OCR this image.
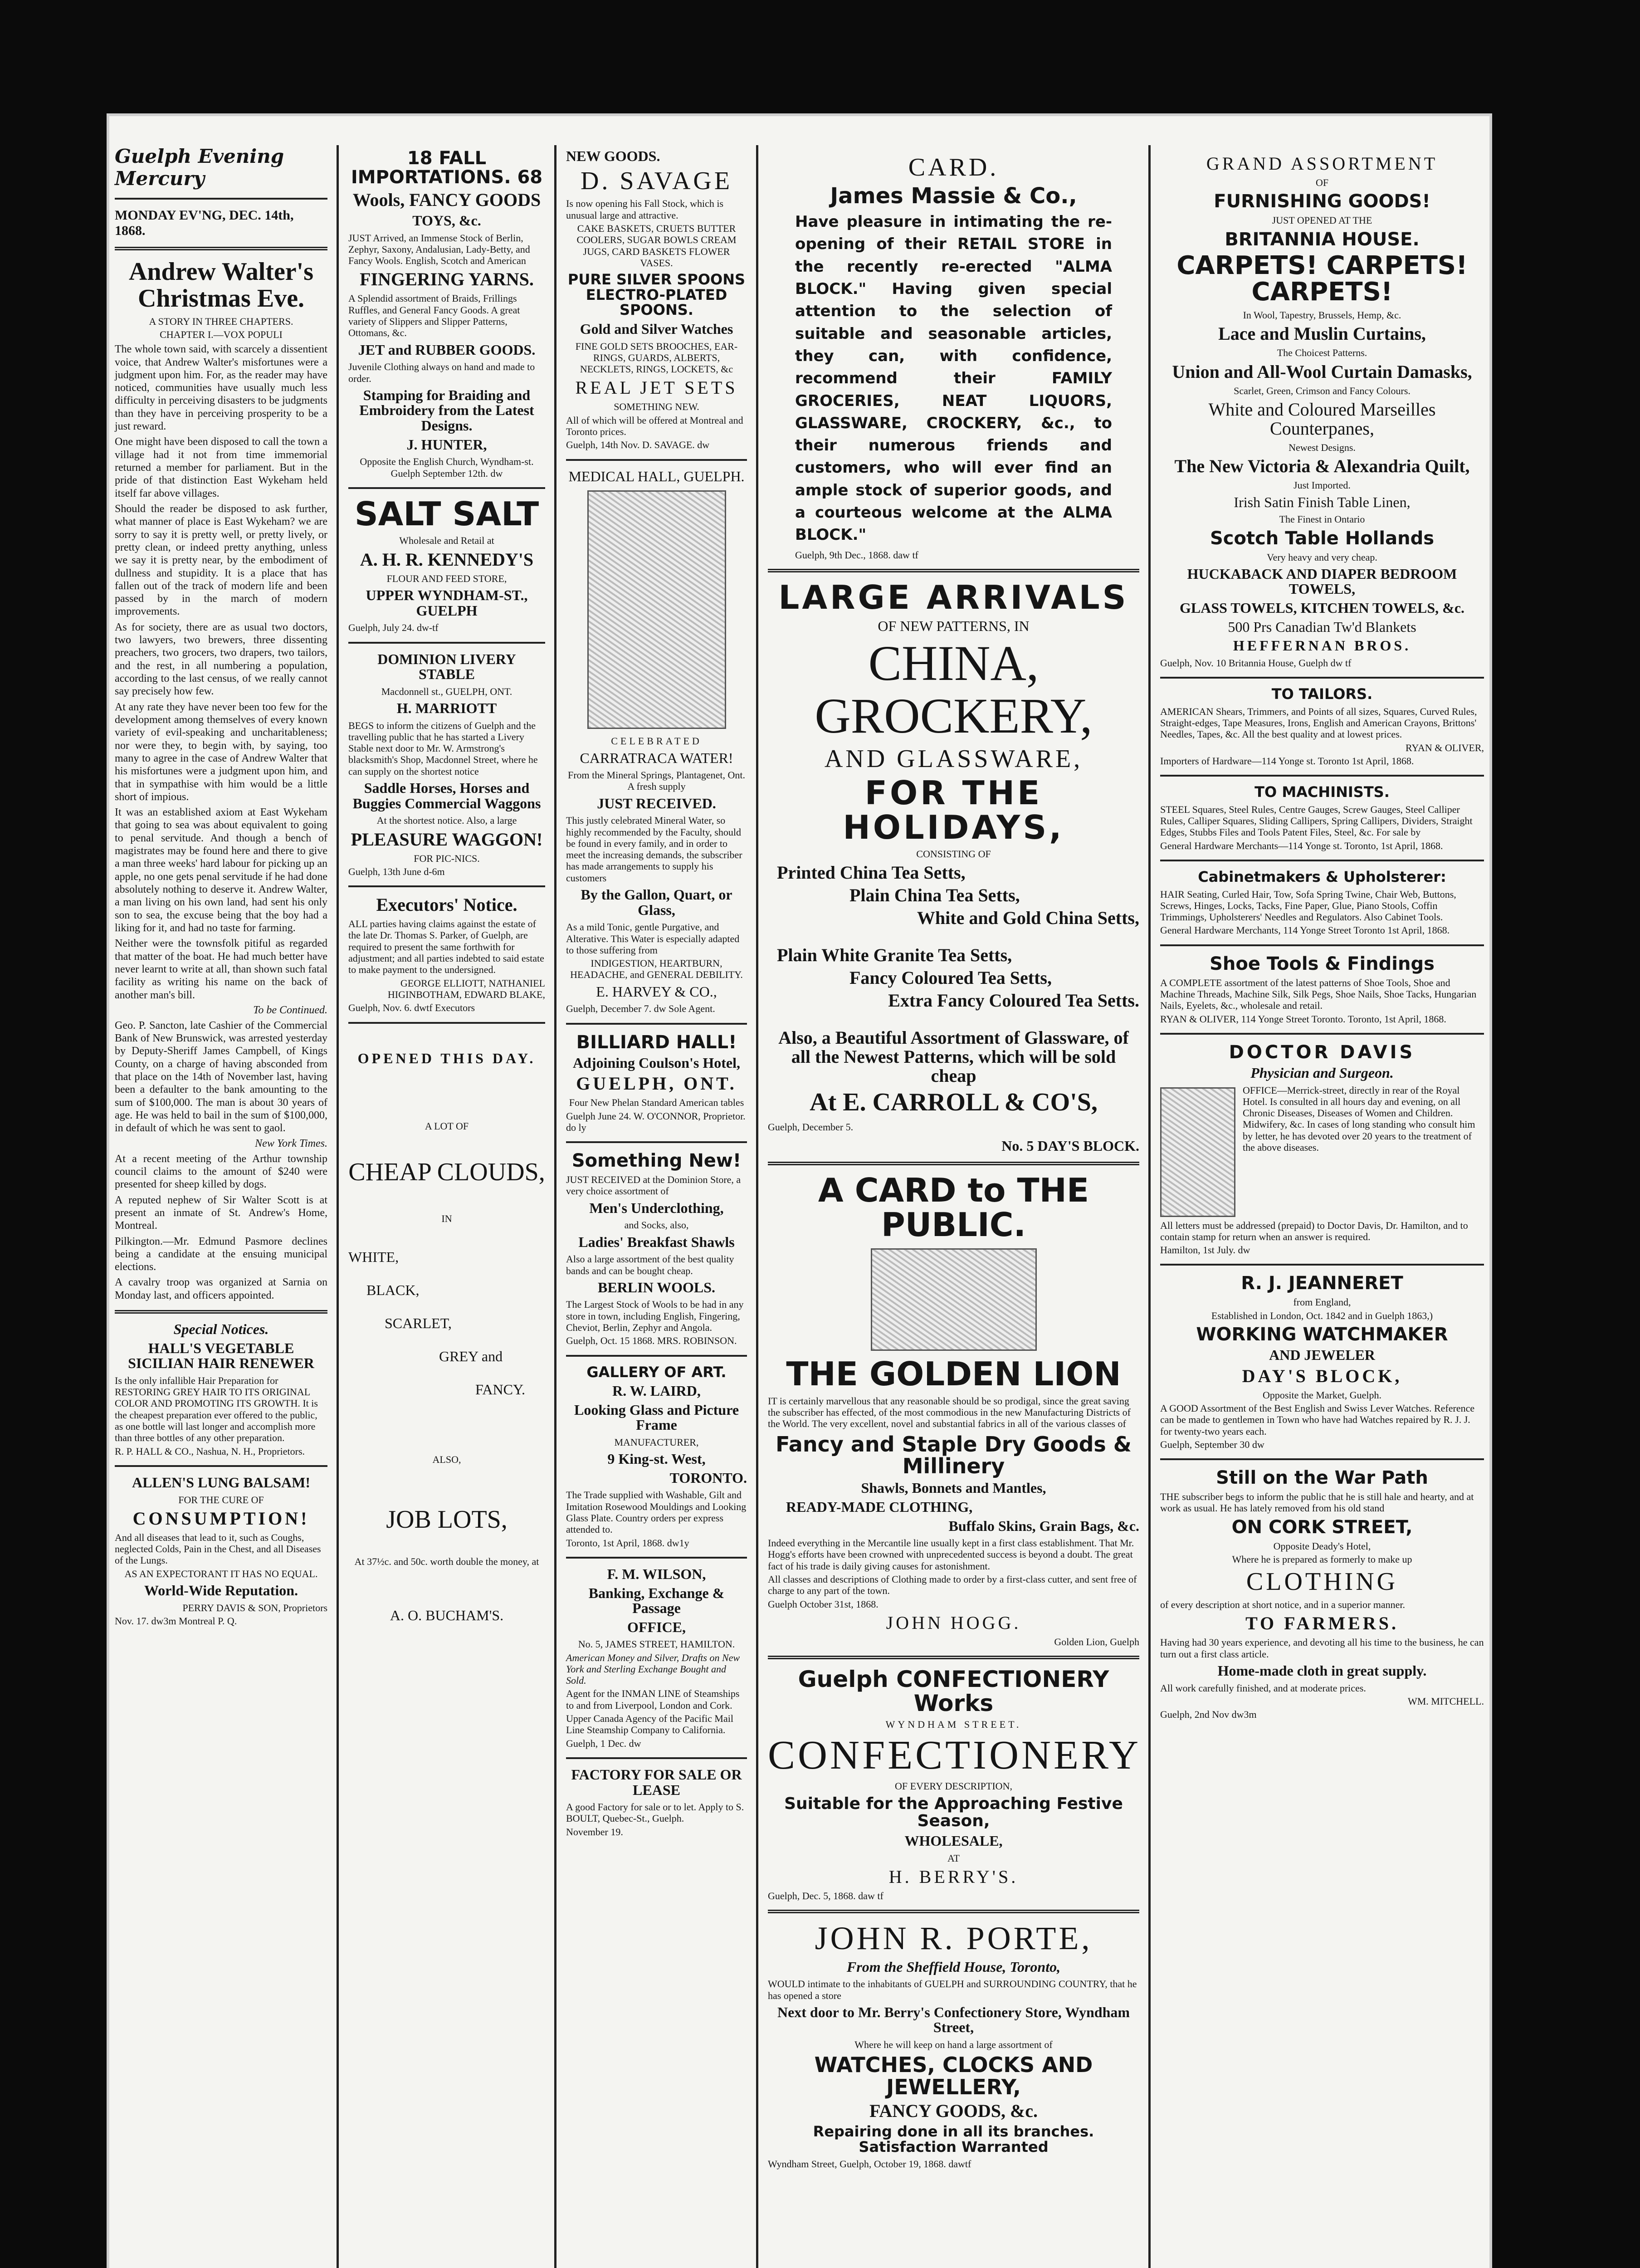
Guelph Evening Mercury
MONDAY EV'NG, DEC. 14th, 1868.
Andrew Walter's Christmas Eve.
A STORY IN THREE CHAPTERS.
CHAPTER I.—VOX POPULI

The whole town said, with scarcely a dissentient voice, that Andrew Walter's misfortunes were a judgment upon him. For, as the reader may have noticed, communities have usually much less difficulty in perceiving disasters to be judgments than they have in perceiving prosperity to be a just reward.

One might have been disposed to call the town a village had it not from time immemorial returned a member for parliament. But in the pride of that distinction East Wykeham held itself far above villages.

Should the reader be disposed to ask further, what manner of place is East Wykeham? we are sorry to say it is pretty well, or pretty lively, or pretty clean, or indeed pretty anything, unless we say it is pretty near, by the embodiment of dullness and stupidity. It is a place that has fallen out of the track of modern life and been passed by in the march of modern improvements.

As for society, there are as usual two doctors, two lawyers, two brewers, three dissenting preachers, two grocers, two drapers, two tailors, and the rest, in all numbering a population, according to the last census, of we really cannot say precisely how few.

At any rate they have never been too few for the development among themselves of every known variety of evil-speaking and uncharitableness; nor were they, to begin with, by saying, too many to agree in the case of Andrew Walter that his misfortunes were a judgment upon him, and that in sympathise with him would be a little short of impious.

It was an established axiom at East Wykeham that going to sea was about equivalent to going to penal servitude. And though a bench of magistrates may be found here and there to give a man three weeks' hard labour for picking up an apple, no one gets penal servitude if he had done absolutely nothing to deserve it. Andrew Walter, a man living on his own land, had sent his only son to sea, the excuse being that the boy had a liking for it, and had no taste for farming.

Neither were the townsfolk pitiful as regarded that matter of the boat. He had much better have never learnt to write at all, than shown such fatal facility as writing his name on the back of another man's bill.

To be Continued.

Geo. P. Sancton, late Cashier of the Commercial Bank of New Brunswick, was arrested yesterday by Deputy-Sheriff James Campbell, of Kings County, on a charge of having absconded from that place on the 14th of November last, having been a defaulter to the bank amounting to the sum of $100,000. The man is about 30 years of age. He was held to bail in the sum of $100,000, in default of which he was sent to gaol.

New York Times.

At a recent meeting of the Arthur township council claims to the amount of $240 were presented for sheep killed by dogs.

A reputed nephew of Sir Walter Scott is at present an inmate of St. Andrew's Home, Montreal.

Pilkington.—Mr. Edmund Pasmore declines being a candidate at the ensuing municipal elections.

A cavalry troop was organized at Sarnia on Monday last, and officers appointed.

Special Notices.
HALL'S VEGETABLE SICILIAN HAIR RENEWER

Is the only infallible Hair Preparation for RESTORING GREY HAIR TO ITS ORIGINAL COLOR AND PROMOTING ITS GROWTH. It is the cheapest preparation ever offered to the public, as one bottle will last longer and accomplish more than three bottles of any other preparation.

R. P. HALL & CO., Nashua, N. H., Proprietors.
ALLEN'S LUNG BALSAM!
FOR THE CURE OF
CONSUMPTION!

And all diseases that lead to it, such as Coughs, neglected Colds, Pain in the Chest, and all Diseases of the Lungs.

AS AN EXPECTORANT IT HAS NO EQUAL.
World-Wide Reputation.
PERRY DAVIS & SON, Proprietors
Nov. 17. dw3m Montreal P. Q.
18 FALL IMPORTATIONS. 68
Wools, FANCY GOODS
TOYS, &c.

JUST Arrived, an Immense Stock of Berlin, Zephyr, Saxony, Andalusian, Lady-Betty, and Fancy Wools. English, Scotch and American

FINGERING YARNS.

A Splendid assortment of Braids, Frillings Ruffles, and General Fancy Goods. A great variety of Slippers and Slipper Patterns, Ottomans, &c.

JET and RUBBER GOODS.

Juvenile Clothing always on hand and made to order.

Stamping for Braiding and Embroidery from the Latest Designs.
J. HUNTER,
Opposite the English Church, Wyndham-st. Guelph September 12th. dw
SALT SALT
Wholesale and Retail at
A. H. R. KENNEDY'S
FLOUR AND FEED STORE,
UPPER WYNDHAM-ST., GUELPH
Guelph, July 24. dw-tf
DOMINION LIVERY STABLE
Macdonnell st., GUELPH, ONT.
H. MARRIOTT

BEGS to inform the citizens of Guelph and the travelling public that he has started a Livery Stable next door to Mr. W. Armstrong's blacksmith's Shop, Macdonnel Street, where he can supply on the shortest notice

Saddle Horses, Horses and Buggies Commercial Waggons
At the shortest notice. Also, a large
PLEASURE WAGGON!
FOR PIC-NICS.
Guelph, 13th June d-6m
Executors' Notice.

ALL parties having claims against the estate of the late Dr. Thomas S. Parker, of Guelph, are required to present the same forthwith for adjustment; and all parties indebted to said estate to make payment to the undersigned.

GEORGE ELLIOTT, NATHANIEL HIGINBOTHAM, EDWARD BLAKE,
Guelph, Nov. 6. dwtf Executors
OPENED THIS DAY.
A LOT OF
CHEAP CLOUDS,
IN
WHITE,
BLACK,
SCARLET,
GREY and
FANCY.
ALSO,
JOB LOTS,
At 37½c. and 50c. worth double the money, at
A. O. BUCHAM'S.
NEW GOODS.
D. SAVAGE

Is now opening his Fall Stock, which is unusual large and attractive.

CAKE BASKETS, CRUETS BUTTER COOLERS, SUGAR BOWLS CREAM JUGS, CARD BASKETS FLOWER VASES.
PURE SILVER SPOONS ELECTRO-PLATED SPOONS.
Gold and Silver Watches
FINE GOLD SETS BROOCHES, EAR-RINGS, GUARDS, ALBERTS, NECKLETS, RINGS, LOCKETS, &c
REAL JET SETS
SOMETHING NEW.
All of which will be offered at Montreal and Toronto prices.
Guelph, 14th Nov. D. SAVAGE. dw
MEDICAL HALL, GUELPH.
CELEBRATED
CARRATRACA WATER!
From the Mineral Springs, Plantagenet, Ont. A fresh supply
JUST RECEIVED.

This justly celebrated Mineral Water, so highly recommended by the Faculty, should be found in every family, and in order to meet the increasing demands, the subscriber has made arrangements to supply his customers

By the Gallon, Quart, or Glass,

As a mild Tonic, gentle Purgative, and Alterative. This Water is especially adapted to those suffering from

INDIGESTION, HEARTBURN, HEADACHE, and GENERAL DEBILITY.
E. HARVEY & CO.,
Guelph, December 7. dw Sole Agent.
BILLIARD HALL!
Adjoining Coulson's Hotel,
GUELPH, ONT.
Four New Phelan Standard American tables
Guelph June 24. W. O'CONNOR, Proprietor. do ly
Something New!

JUST RECEIVED at the Dominion Store, a very choice assortment of

Men's Underclothing,
and Socks, also,
Ladies' Breakfast Shawls

Also a large assortment of the best quality bands and can be bought cheap.

BERLIN WOOLS.

The Largest Stock of Wools to be had in any store in town, including English, Fingering, Cheviot, Berlin, Zephyr and Angola.

Guelph, Oct. 15 1868. MRS. ROBINSON.
GALLERY OF ART.
R. W. LAIRD,
Looking Glass and Picture Frame
MANUFACTURER,
9 King-st. West,
TORONTO.

The Trade supplied with Washable, Gilt and Imitation Rosewood Mouldings and Looking Glass Plate. Country orders per express attended to.

Toronto, 1st April, 1868. dw1y
F. M. WILSON,
Banking, Exchange & Passage
OFFICE,
No. 5, JAMES STREET, HAMILTON.

American Money and Silver, Drafts on New York and Sterling Exchange Bought and Sold.

Agent for the INMAN LINE of Steamships to and from Liverpool, London and Cork.

Upper Canada Agency of the Pacific Mail Line Steamship Company to California.

Guelph, 1 Dec. dw
FACTORY FOR SALE OR LEASE

A good Factory for sale or to let. Apply to S. BOULT, Quebec-St., Guelph.

November 19.
CARD.
James Massie & Co.,

Have pleasure in intimating the re-opening of their RETAIL STORE in the recently re-erected "ALMA BLOCK." Having given special attention to the selection of suitable and seasonable articles, they can, with confidence, recommend their FAMILY GROCERIES, NEAT LIQUORS, GLASSWARE, CROCKERY, &c., to their numerous friends and customers, who will ever find an ample stock of superior goods, and a courteous welcome at the ALMA BLOCK."

Guelph, 9th Dec., 1868. daw tf
LARGE ARRIVALS
OF NEW PATTERNS, IN
CHINA, GROCKERY,
AND GLASSWARE,
FOR THE HOLIDAYS,
CONSISTING OF
Printed China Tea Setts,
Plain China Tea Setts,
White and Gold China Setts,
Plain White Granite Tea Setts,
Fancy Coloured Tea Setts,
Extra Fancy Coloured Tea Setts.

Also, a Beautiful Assortment of Glassware, of all the Newest Patterns, which will be sold cheap

At E. CARROLL & CO'S,
Guelph, December 5.
No. 5 DAY'S BLOCK.
A CARD to THE PUBLIC.
THE GOLDEN LION

IT is certainly marvellous that any reasonable should be so prodigal, since the great saving the subscriber has effected, of the most commodious in the new Manufacturing Districts of the World. The very excellent, novel and substantial fabrics in all of the various classes of

Fancy and Staple Dry Goods & Millinery
Shawls, Bonnets and Mantles,
READY-MADE CLOTHING,
Buffalo Skins, Grain Bags, &c.

Indeed everything in the Mercantile line usually kept in a first class establishment. That Mr. Hogg's efforts have been crowned with unprecedented success is beyond a doubt. The great fact of his trade is daily giving causes for astonishment.

All classes and descriptions of Clothing made to order by a first-class cutter, and sent free of charge to any part of the town.

Guelph October 31st, 1868.
JOHN HOGG.
Golden Lion, Guelph
Guelph CONFECTIONERY Works
WYNDHAM STREET.
CONFECTIONERY
OF EVERY DESCRIPTION,
Suitable for the Approaching Festive Season,
WHOLESALE,
AT
H. BERRY'S.
Guelph, Dec. 5, 1868. daw tf
JOHN R. PORTE,
From the Sheffield House, Toronto,

WOULD intimate to the inhabitants of GUELPH and SURROUNDING COUNTRY, that he has opened a store

Next door to Mr. Berry's Confectionery Store, Wyndham Street,
Where he will keep on hand a large assortment of
WATCHES, CLOCKS AND JEWELLERY,
FANCY GOODS, &c.
Repairing done in all its branches. Satisfaction Warranted
Wyndham Street, Guelph, October 19, 1868. dawtf
GRAND ASSORTMENT
OF
FURNISHING GOODS!
JUST OPENED AT THE
BRITANNIA HOUSE.
CARPETS! CARPETS! CARPETS!
In Wool, Tapestry, Brussels, Hemp, &c.
Lace and Muslin Curtains,
The Choicest Patterns.
Union and All-Wool Curtain Damasks,
Scarlet, Green, Crimson and Fancy Colours.
White and Coloured Marseilles Counterpanes,
Newest Designs.
The New Victoria & Alexandria Quilt,
Just Imported.
Irish Satin Finish Table Linen,
The Finest in Ontario
Scotch Table Hollands
Very heavy and very cheap.
HUCKABACK AND DIAPER BEDROOM TOWELS,
GLASS TOWELS, KITCHEN TOWELS, &c.
500 Prs Canadian Tw'd Blankets
HEFFERNAN BROS.
Guelph, Nov. 10 Britannia House, Guelph dw tf
TO TAILORS.

AMERICAN Shears, Trimmers, and Points of all sizes, Squares, Curved Rules, Straight-edges, Tape Measures, Irons, English and American Crayons, Brittons' Needles, Tapes, &c. All the best quality and at lowest prices.

RYAN & OLIVER,
Importers of Hardware—114 Yonge st. Toronto 1st April, 1868.
TO MACHINISTS.

STEEL Squares, Steel Rules, Centre Gauges, Screw Gauges, Steel Calliper Rules, Calliper Squares, Sliding Callipers, Spring Callipers, Dividers, Straight Edges, Stubbs Files and Tools Patent Files, Steel, &c. For sale by

General Hardware Merchants—114 Yonge st. Toronto, 1st April, 1868.
Cabinetmakers & Upholsterer:

HAIR Seating, Curled Hair, Tow, Sofa Spring Twine, Chair Web, Buttons, Screws, Hinges, Locks, Tacks, Fine Paper, Glue, Piano Stools, Coffin Trimmings, Upholsterers' Needles and Regulators. Also Cabinet Tools.

General Hardware Merchants, 114 Yonge Street Toronto 1st April, 1868.
Shoe Tools & Findings

A COMPLETE assortment of the latest patterns of Shoe Tools, Shoe and Machine Threads, Machine Silk, Silk Pegs, Shoe Nails, Shoe Tacks, Hungarian Nails, Eyelets, &c., wholesale and retail.

RYAN & OLIVER, 114 Yonge Street Toronto. Toronto, 1st April, 1868.
DOCTOR DAVIS
Physician and Surgeon.

OFFICE—Merrick-street, directly in rear of the Royal Hotel. Is consulted in all hours day and evening, on all Chronic Diseases, Diseases of Women and Children. Midwifery, &c. In cases of long standing who consult him by letter, he has devoted over 20 years to the treatment of the above diseases.

All letters must be addressed (prepaid) to Doctor Davis, Dr. Hamilton, and to contain stamp for return when an answer is required.

Hamilton, 1st July. dw
R. J. JEANNERET
from England,
Established in London, Oct. 1842 and in Guelph 1863,)
WORKING WATCHMAKER
AND JEWELER
DAY'S BLOCK,
Opposite the Market, Guelph.

A GOOD Assortment of the Best English and Swiss Lever Watches. Reference can be made to gentlemen in Town who have had Watches repaired by R. J. J. for twenty-two years each.

Guelph, September 30 dw
Still on the War Path

THE subscriber begs to inform the public that he is still hale and hearty, and at work as usual. He has lately removed from his old stand

ON CORK STREET,
Opposite Deady's Hotel,
Where he is prepared as formerly to make up
CLOTHING

of every description at short notice, and in a superior manner.

TO FARMERS.

Having had 30 years experience, and devoting all his time to the business, he can turn out a first class article.

Home-made cloth in great supply.

All work carefully finished, and at moderate prices.

WM. MITCHELL.
Guelph, 2nd Nov dw3m
